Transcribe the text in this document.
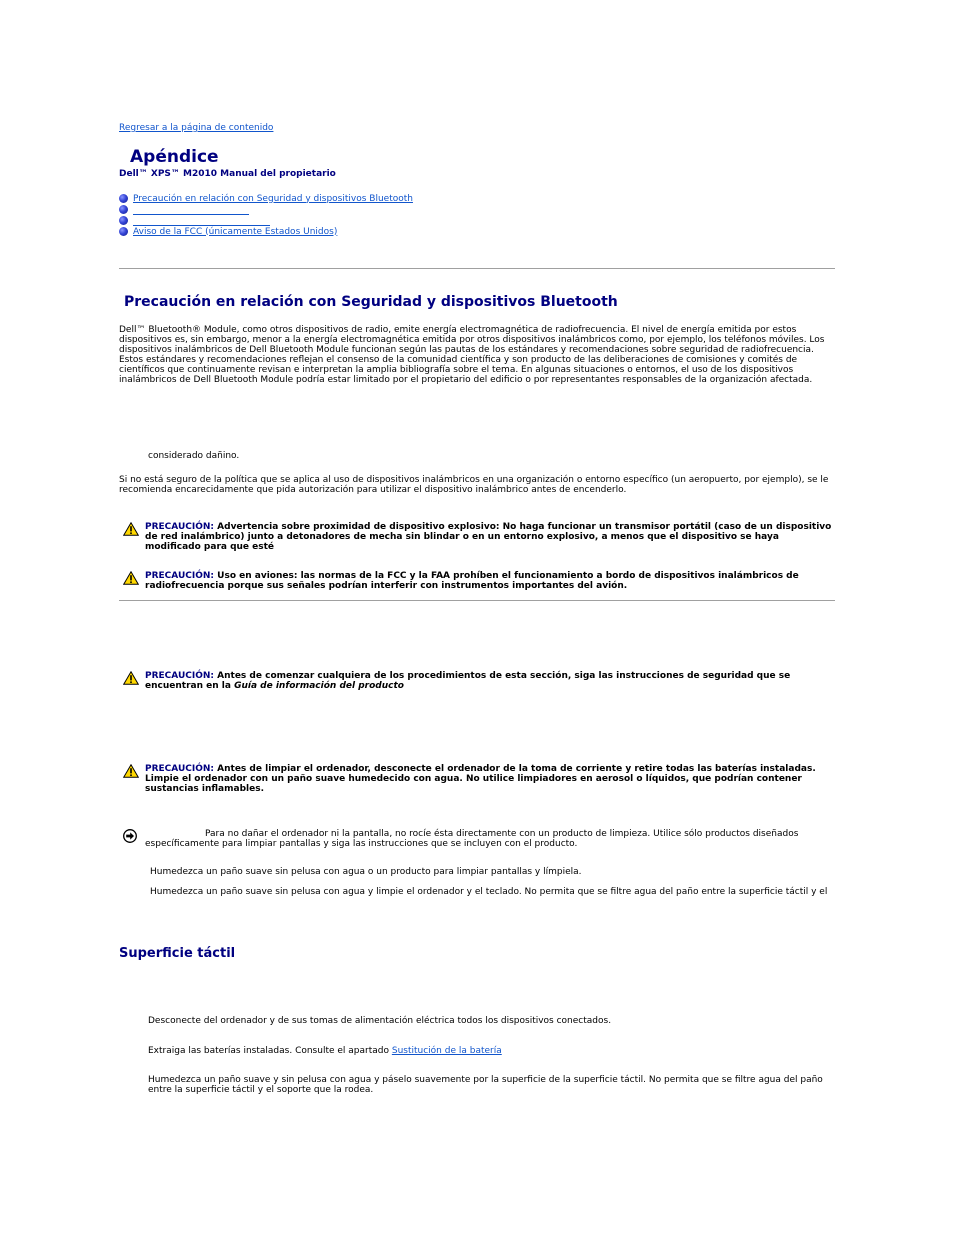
Regresar a la página de contenido
Apéndice
Dell™ XPS™ M2010 Manual del propietario
Precaución en relación con Seguridad y dispositivos Bluetooth
Aviso de la FCC (únicamente Estados Unidos)
Precaución en relación con Seguridad y dispositivos Bluetooth
Dell™ Bluetooth® Module, como otros dispositivos de radio, emite energía electromagnética de radiofrecuencia. El nivel de energía emitida por estos dispositivos es, sin embargo, menor a la energía electromagnética emitida por otros dispositivos inalámbricos como, por ejemplo, los teléfonos móviles. Los dispositivos inalámbricos de Dell Bluetooth Module funcionan según las pautas de los estándares y recomendaciones sobre seguridad de radiofrecuencia. Estos estándares y recomendaciones reflejan el consenso de la comunidad científica y son producto de las deliberaciones de comisiones y comités de científicos que continuamente revisan e interpretan la amplia bibliografía sobre el tema. En algunas situaciones o entornos, el uso de los dispositivos inalámbricos de Dell Bluetooth Module podría estar limitado por el propietario del edificio o por representantes responsables de la organización afectada.
considerado dañino.
Si no está seguro de la política que se aplica al uso de dispositivos inalámbricos en una organización o entorno específico (un aeropuerto, por ejemplo), se le recomienda encarecidamente que pida autorización para utilizar el dispositivo inalámbrico antes de encenderlo.
PRECAUCIÓN: Advertencia sobre proximidad de dispositivo explosivo: No haga funcionar un transmisor portátil (caso de un dispositivo de red inalámbrico) junto a detonadores de mecha sin blindar o en un entorno explosivo, a menos que el dispositivo se haya modificado para que esté
PRECAUCIÓN: Uso en aviones: las normas de la FCC y la FAA prohíben el funcionamiento a bordo de dispositivos inalámbricos de radiofrecuencia porque sus señales podrían interferir con instrumentos importantes del avión.
PRECAUCIÓN: Antes de comenzar cualquiera de los procedimientos de esta sección, siga las instrucciones de seguridad que se encuentran en la Guía de información del producto
PRECAUCIÓN: Antes de limpiar el ordenador, desconecte el ordenador de la toma de corriente y retire todas las baterías instaladas. Limpie el ordenador con un paño suave humedecido con agua. No utilice limpiadores en aerosol o líquidos, que podrían contener sustancias inflamables.
Para no dañar el ordenador ni la pantalla, no rocíe ésta directamente con un producto de limpieza. Utilice sólo productos diseñados específicamente para limpiar pantallas y siga las instrucciones que se incluyen con el producto.
Humedezca un paño suave sin pelusa con agua o un producto para limpiar pantallas y límpiela.
Humedezca un paño suave sin pelusa con agua y limpie el ordenador y el teclado. No permita que se filtre agua del paño entre la superficie táctil y el
Superficie táctil
Desconecte del ordenador y de sus tomas de alimentación eléctrica todos los dispositivos conectados.
Extraiga las baterías instaladas. Consulte el apartado Sustitución de la batería
Humedezca un paño suave y sin pelusa con agua y páselo suavemente por la superficie de la superficie táctil. No permita que se filtre agua del paño entre la superficie táctil y el soporte que la rodea.
